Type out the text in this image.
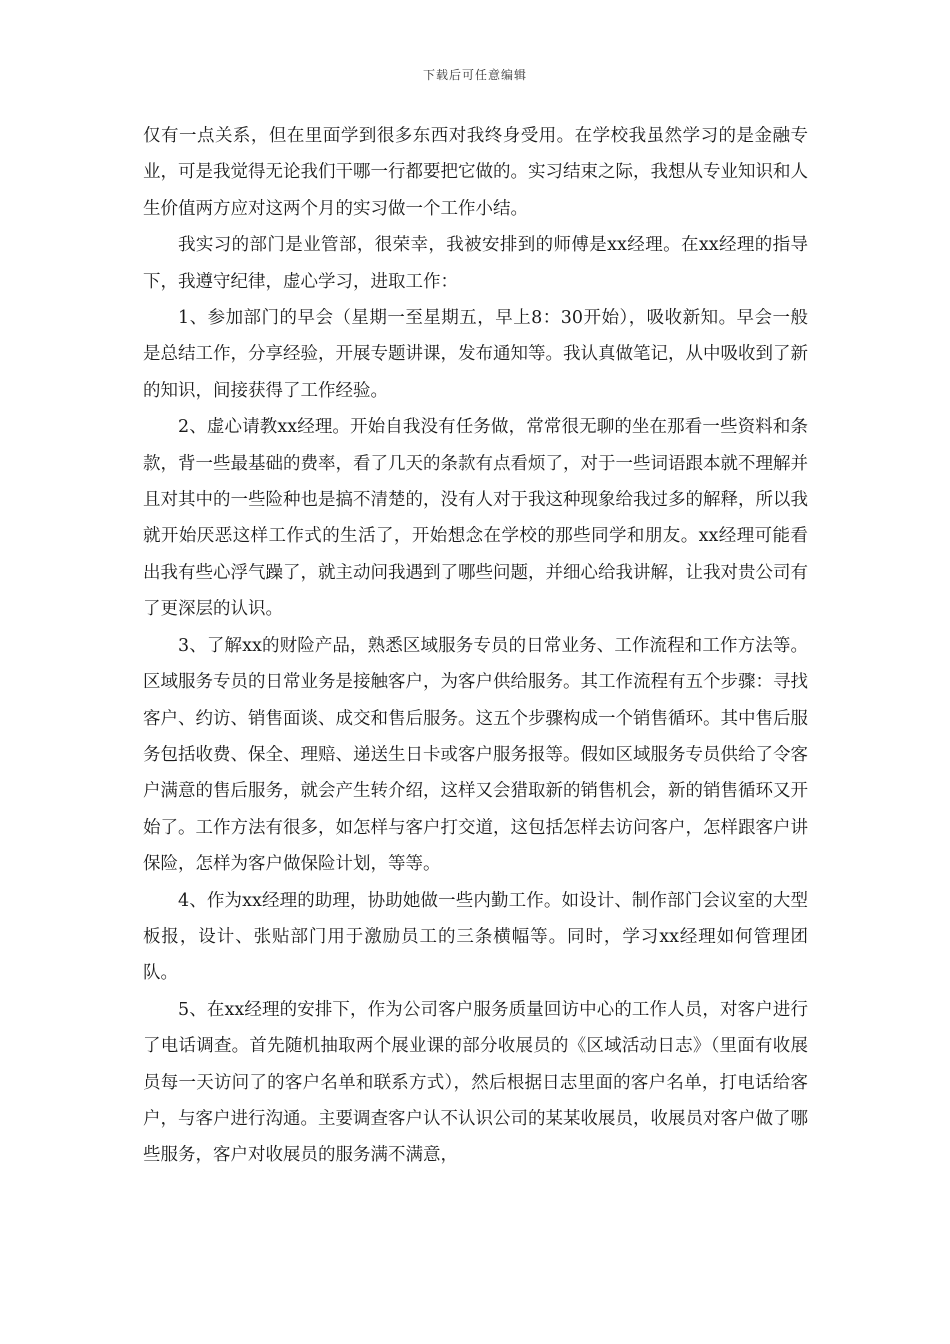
下载后可任意编辑

仅有一点关系，但在里面学到很多东西对我终身受用。在学校我虽然学习的是金融专业，可是我觉得无论我们干哪一行都要把它做的。实习结束之际，我想从专业知识和人生价值两方应对这两个月的实习做一个工作小结。

我实习的部门是业管部，很荣幸，我被安排到的师傅是xx经理。在xx经理的指导下，我遵守纪律，虚心学习，进取工作：

1、参加部门的早会（星期一至星期五，早上8：30开始），吸收新知。早会一般是总结工作，分享经验，开展专题讲课，发布通知等。我认真做笔记，从中吸收到了新的知识，间接获得了工作经验。

2、虚心请教xx经理。开始自我没有任务做，常常很无聊的坐在那看一些资料和条款，背一些最基础的费率，看了几天的条款有点看烦了，对于一些词语跟本就不理解并且对其中的一些险种也是搞不清楚的，没有人对于我这种现象给我过多的解释，所以我就开始厌恶这样工作式的生活了，开始想念在学校的那些同学和朋友。xx经理可能看出我有些心浮气躁了，就主动问我遇到了哪些问题，并细心给我讲解，让我对贵公司有了更深层的认识。

3、了解xx的财险产品，熟悉区域服务专员的日常业务、工作流程和工作方法等。区域服务专员的日常业务是接触客户，为客户供给服务。其工作流程有五个步骤：寻找客户、约访、销售面谈、成交和售后服务。这五个步骤构成一个销售循环。其中售后服务包括收费、保全、理赔、递送生日卡或客户服务报等。假如区域服务专员供给了令客户满意的售后服务，就会产生转介绍，这样又会猎取新的销售机会，新的销售循环又开始了。工作方法有很多，如怎样与客户打交道，这包括怎样去访问客户，怎样跟客户讲保险，怎样为客户做保险计划，等等。

4、作为xx经理的助理，协助她做一些内勤工作。如设计、制作部门会议室的大型板报，设计、张贴部门用于激励员工的三条横幅等。同时，学习xx经理如何管理团队。

5、在xx经理的安排下，作为公司客户服务质量回访中心的工作人员，对客户进行了电话调查。首先随机抽取两个展业课的部分收展员的《区域活动日志》（里面有收展员每一天访问了的客户名单和联系方式），然后根据日志里面的客户名单，打电话给客户，与客户进行沟通。主要调查客户认不认识公司的某某收展员，收展员对客户做了哪些服务，客户对收展员的服务满不满意，
